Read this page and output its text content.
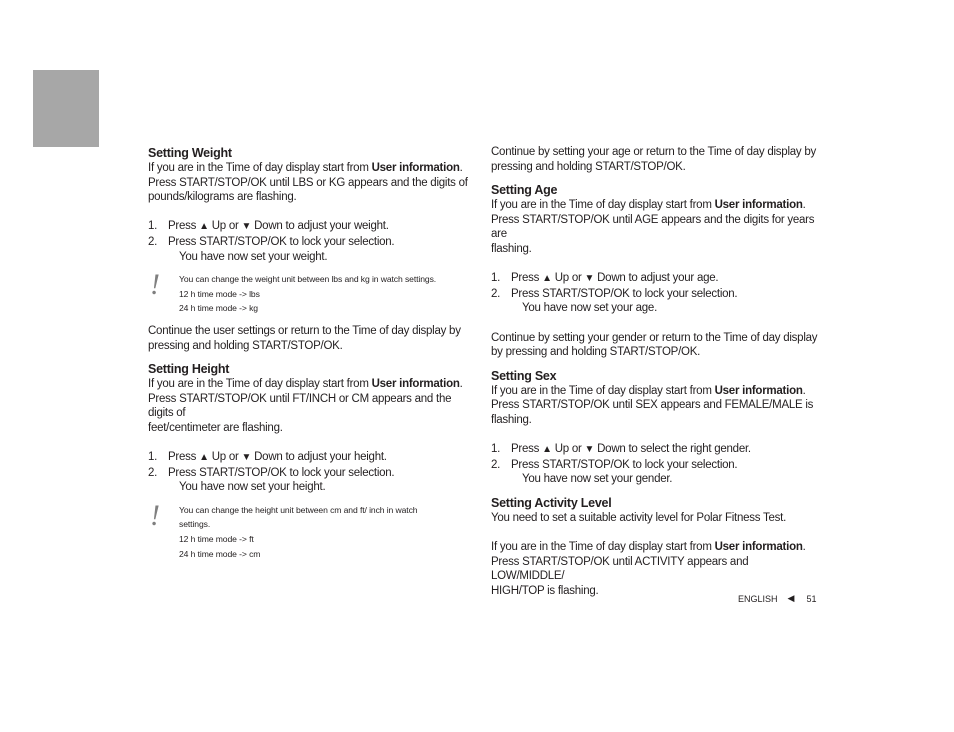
Setting Weight

If you are in the Time of day display start from User information.

Press START/STOP/OK until LBS or KG appears and the digits of

pounds/kilograms are flashing.

1. Press ▲ Up or ▼ Down to adjust your weight.
2. Press START/STOP/OK to lock your selection.

You have now set your weight.

! You can change the weight unit between lbs and kg in watch settings.

12 h time mode -> lbs

24 h time mode -> kg

Continue the user settings or return to the Time of day display by

pressing and holding START/STOP/OK.

Setting Height

If you are in the Time of day display start from User information.

Press START/STOP/OK until FT/INCH or CM appears and the digits of

feet/centimeter are flashing.

1. Press ▲ Up or ▼ Down to adjust your height.
2. Press START/STOP/OK to lock your selection.

You have now set your height.

! You can change the height unit between cm and ft/ inch in watch

settings.

12 h time mode -> ft

24 h time mode -> cm

Continue by setting your age or return to the Time of day display by

pressing and holding START/STOP/OK.

Setting Age

If you are in the Time of day display start from User information.

Press START/STOP/OK until AGE appears and the digits for years are

flashing.

1. Press ▲ Up or ▼ Down to adjust your age.
2. Press START/STOP/OK to lock your selection.

You have now set your age.

Continue by setting your gender or return to the Time of day display

by pressing and holding START/STOP/OK.

Setting Sex

If you are in the Time of day display start from User information.

Press START/STOP/OK until SEX appears and FEMALE/MALE is

flashing.

1. Press ▲ Up or ▼ Down to select the right gender.
2. Press START/STOP/OK to lock your selection.

You have now set your gender.

Setting Activity Level

You need to set a suitable activity level for Polar Fitness Test.

If you are in the Time of day display start from User information.

Press START/STOP/OK until ACTIVITY appears and LOW/MIDDLE/

HIGH/TOP is flashing.

ENGLISH ◀ 51
